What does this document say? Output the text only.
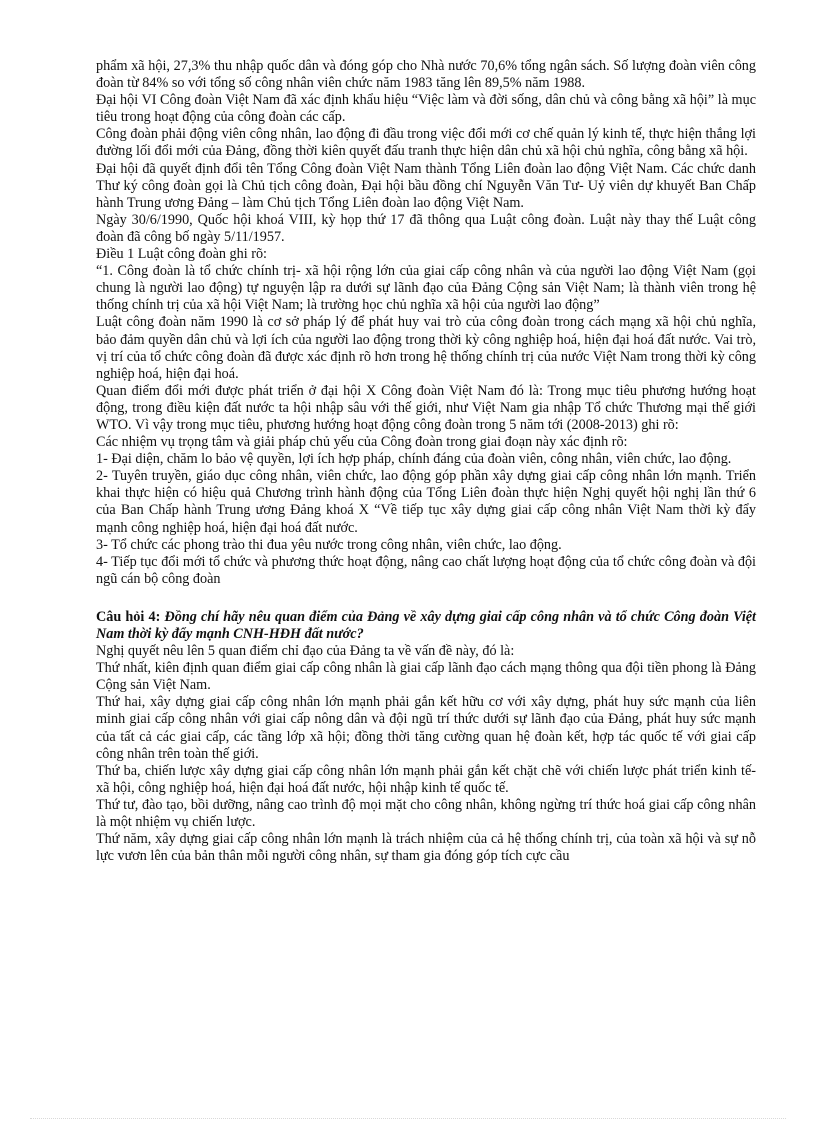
phẩm xã hội, 27,3% thu nhập quốc dân và đóng góp cho Nhà nước 70,6% tổng ngân sách. Số lượng đoàn viên công đoàn từ 84% so với tổng số công nhân viên chức năm 1983 tăng lên 89,5% năm 1988.

Đại hội VI Công đoàn Việt Nam đã xác định khẩu hiệu “Việc làm và đời sống, dân chủ và công bằng xã hội” là mục tiêu trong hoạt động của công đoàn các cấp.

Công đoàn phải động viên công nhân, lao động đi đầu trong việc đổi mới cơ chế quản lý kinh tế, thực hiện thắng lợi đường lối đổi mới của Đảng, đồng thời kiên quyết đấu tranh thực hiện dân chủ xã hội chủ nghĩa, công bằng xã hội.

Đại hội đã quyết định đổi tên Tổng Công đoàn Việt Nam thành Tổng Liên đoàn lao động Việt Nam. Các chức danh Thư ký công đoàn gọi là Chủ tịch công đoàn, Đại hội bầu đồng chí Nguyễn Văn Tư- Uỷ viên dự khuyết Ban Chấp hành Trung ương Đảng – làm Chủ tịch Tổng Liên đoàn lao động Việt Nam.

Ngày 30/6/1990, Quốc hội khoá VIII, kỳ họp thứ 17 đã thông qua Luật công đoàn. Luật này thay thế Luật công đoàn đã công bố ngày 5/11/1957.

Điều 1 Luật công đoàn ghi rõ:

“1. Công đoàn là tổ chức chính trị- xã hội rộng lớn của giai cấp công nhân và của người lao động Việt Nam (gọi chung là người lao động) tự nguyện lập ra dưới sự lãnh đạo của Đảng Cộng sản Việt Nam; là thành viên trong hệ thống chính trị của xã hội Việt Nam; là trường học chủ nghĩa xã hội của người lao động”

Luật công đoàn năm 1990 là cơ sở pháp lý để phát huy vai trò của công đoàn trong cách mạng xã hội chủ nghĩa, bảo đảm quyền dân chủ và lợi ích của người lao động trong thời kỳ công nghiệp hoá, hiện đại hoá đất nước. Vai trò, vị trí của tổ chức công đoàn đã được xác định rõ hơn trong hệ thống chính trị của nước Việt Nam trong thời kỳ công nghiệp hoá, hiện đại hoá.

Quan điểm đổi mới được phát triển ở đại hội X Công đoàn Việt Nam đó là: Trong mục tiêu phương hướng hoạt động, trong điều kiện đất nước ta hội nhập sâu với thế giới, như Việt Nam gia nhập Tổ chức Thương mại thế giới WTO. Vì vậy trong mục tiêu, phương hướng hoạt động công đoàn trong 5 năm tới (2008-2013) ghi rõ:

Các nhiệm vụ trọng tâm và giải pháp chủ yếu của Công đoàn trong giai đoạn này xác định rõ:

1- Đại diện, chăm lo bảo vệ quyền, lợi ích hợp pháp, chính đáng của đoàn viên, công nhân, viên chức, lao động.

2- Tuyên truyền, giáo dục công nhân, viên chức, lao động góp phần xây dựng giai cấp công nhân lớn mạnh. Triển khai thực hiện có hiệu quả Chương trình hành động của Tổng Liên đoàn thực hiện Nghị quyết hội nghị lần thứ 6 của Ban Chấp hành Trung ương Đảng khoá X “Về tiếp tục xây dựng giai cấp công nhân Việt Nam thời kỳ đẩy mạnh công nghiệp hoá, hiện đại hoá đất nước.

3- Tổ chức các phong trào thi đua yêu nước trong công nhân, viên chức, lao động.

4- Tiếp tục đổi mới tổ chức và phương thức hoạt động, nâng cao chất lượng hoạt động của tổ chức công đoàn và đội ngũ cán bộ công đoàn

Câu hỏi 4: Đồng chí hãy nêu quan điểm của Đảng về xây dựng giai cấp công nhân và tổ chức Công đoàn Việt Nam thời kỳ đẩy mạnh CNH-HĐH đất nước?

Nghị quyết nêu lên 5 quan điểm chỉ đạo của Đảng ta về vấn đề này, đó là:

Thứ nhất, kiên định quan điểm giai cấp công nhân là giai cấp lãnh đạo cách mạng thông qua đội tiền phong là Đảng Cộng sản Việt Nam.

Thứ hai, xây dựng giai cấp công nhân lớn mạnh phải gắn kết hữu cơ với xây dựng, phát huy sức mạnh của liên minh giai cấp công nhân với giai cấp nông dân và đội ngũ trí thức dưới sự lãnh đạo của Đảng, phát huy sức mạnh của tất cả các giai cấp, các tầng lớp xã hội; đồng thời tăng cường quan hệ đoàn kết, hợp tác quốc tế với giai cấp công nhân trên toàn thế giới.

Thứ ba, chiến lược xây dựng giai cấp công nhân lớn mạnh phải gắn kết chặt chẽ với chiến lược phát triển kinh tế- xã hội, công nghiệp hoá, hiện đại hoá đất nước, hội nhập kinh tế quốc tế.

Thứ tư, đào tạo, bồi dưỡng, nâng cao trình độ mọi mặt cho công nhân, không ngừng trí thức hoá giai cấp công nhân là một nhiệm vụ chiến lược.

Thứ năm, xây dựng giai cấp công nhân lớn mạnh là trách nhiệm của cả hệ thống chính trị, của toàn xã hội và sự nỗ lực vươn lên của bản thân mỗi người công nhân, sự tham gia đóng góp tích cực cầu
